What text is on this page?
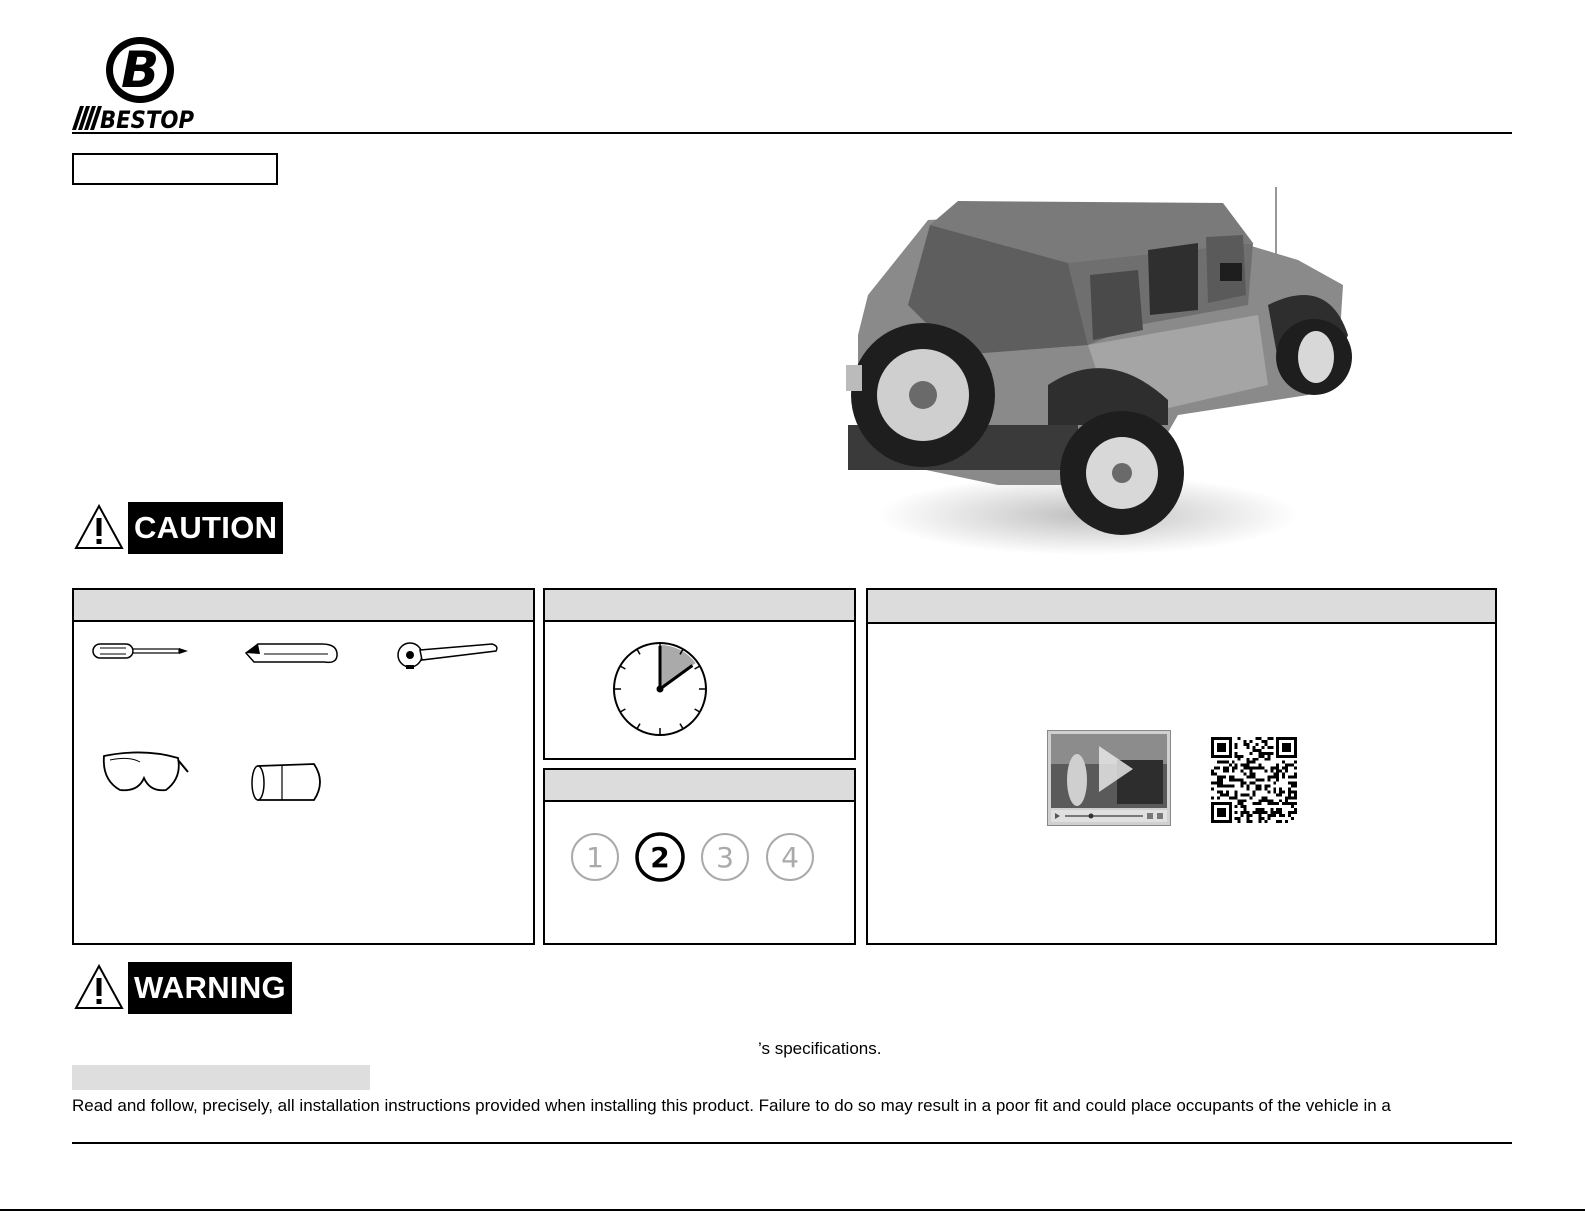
B
BESTOP
CAUTION
1 2 3 4
WARNING
’s specifications.
Read and follow, precisely, all installation instructions provided when installing this product. Failure to do so may result in a poor fit and could place occupants of the vehicle in a
